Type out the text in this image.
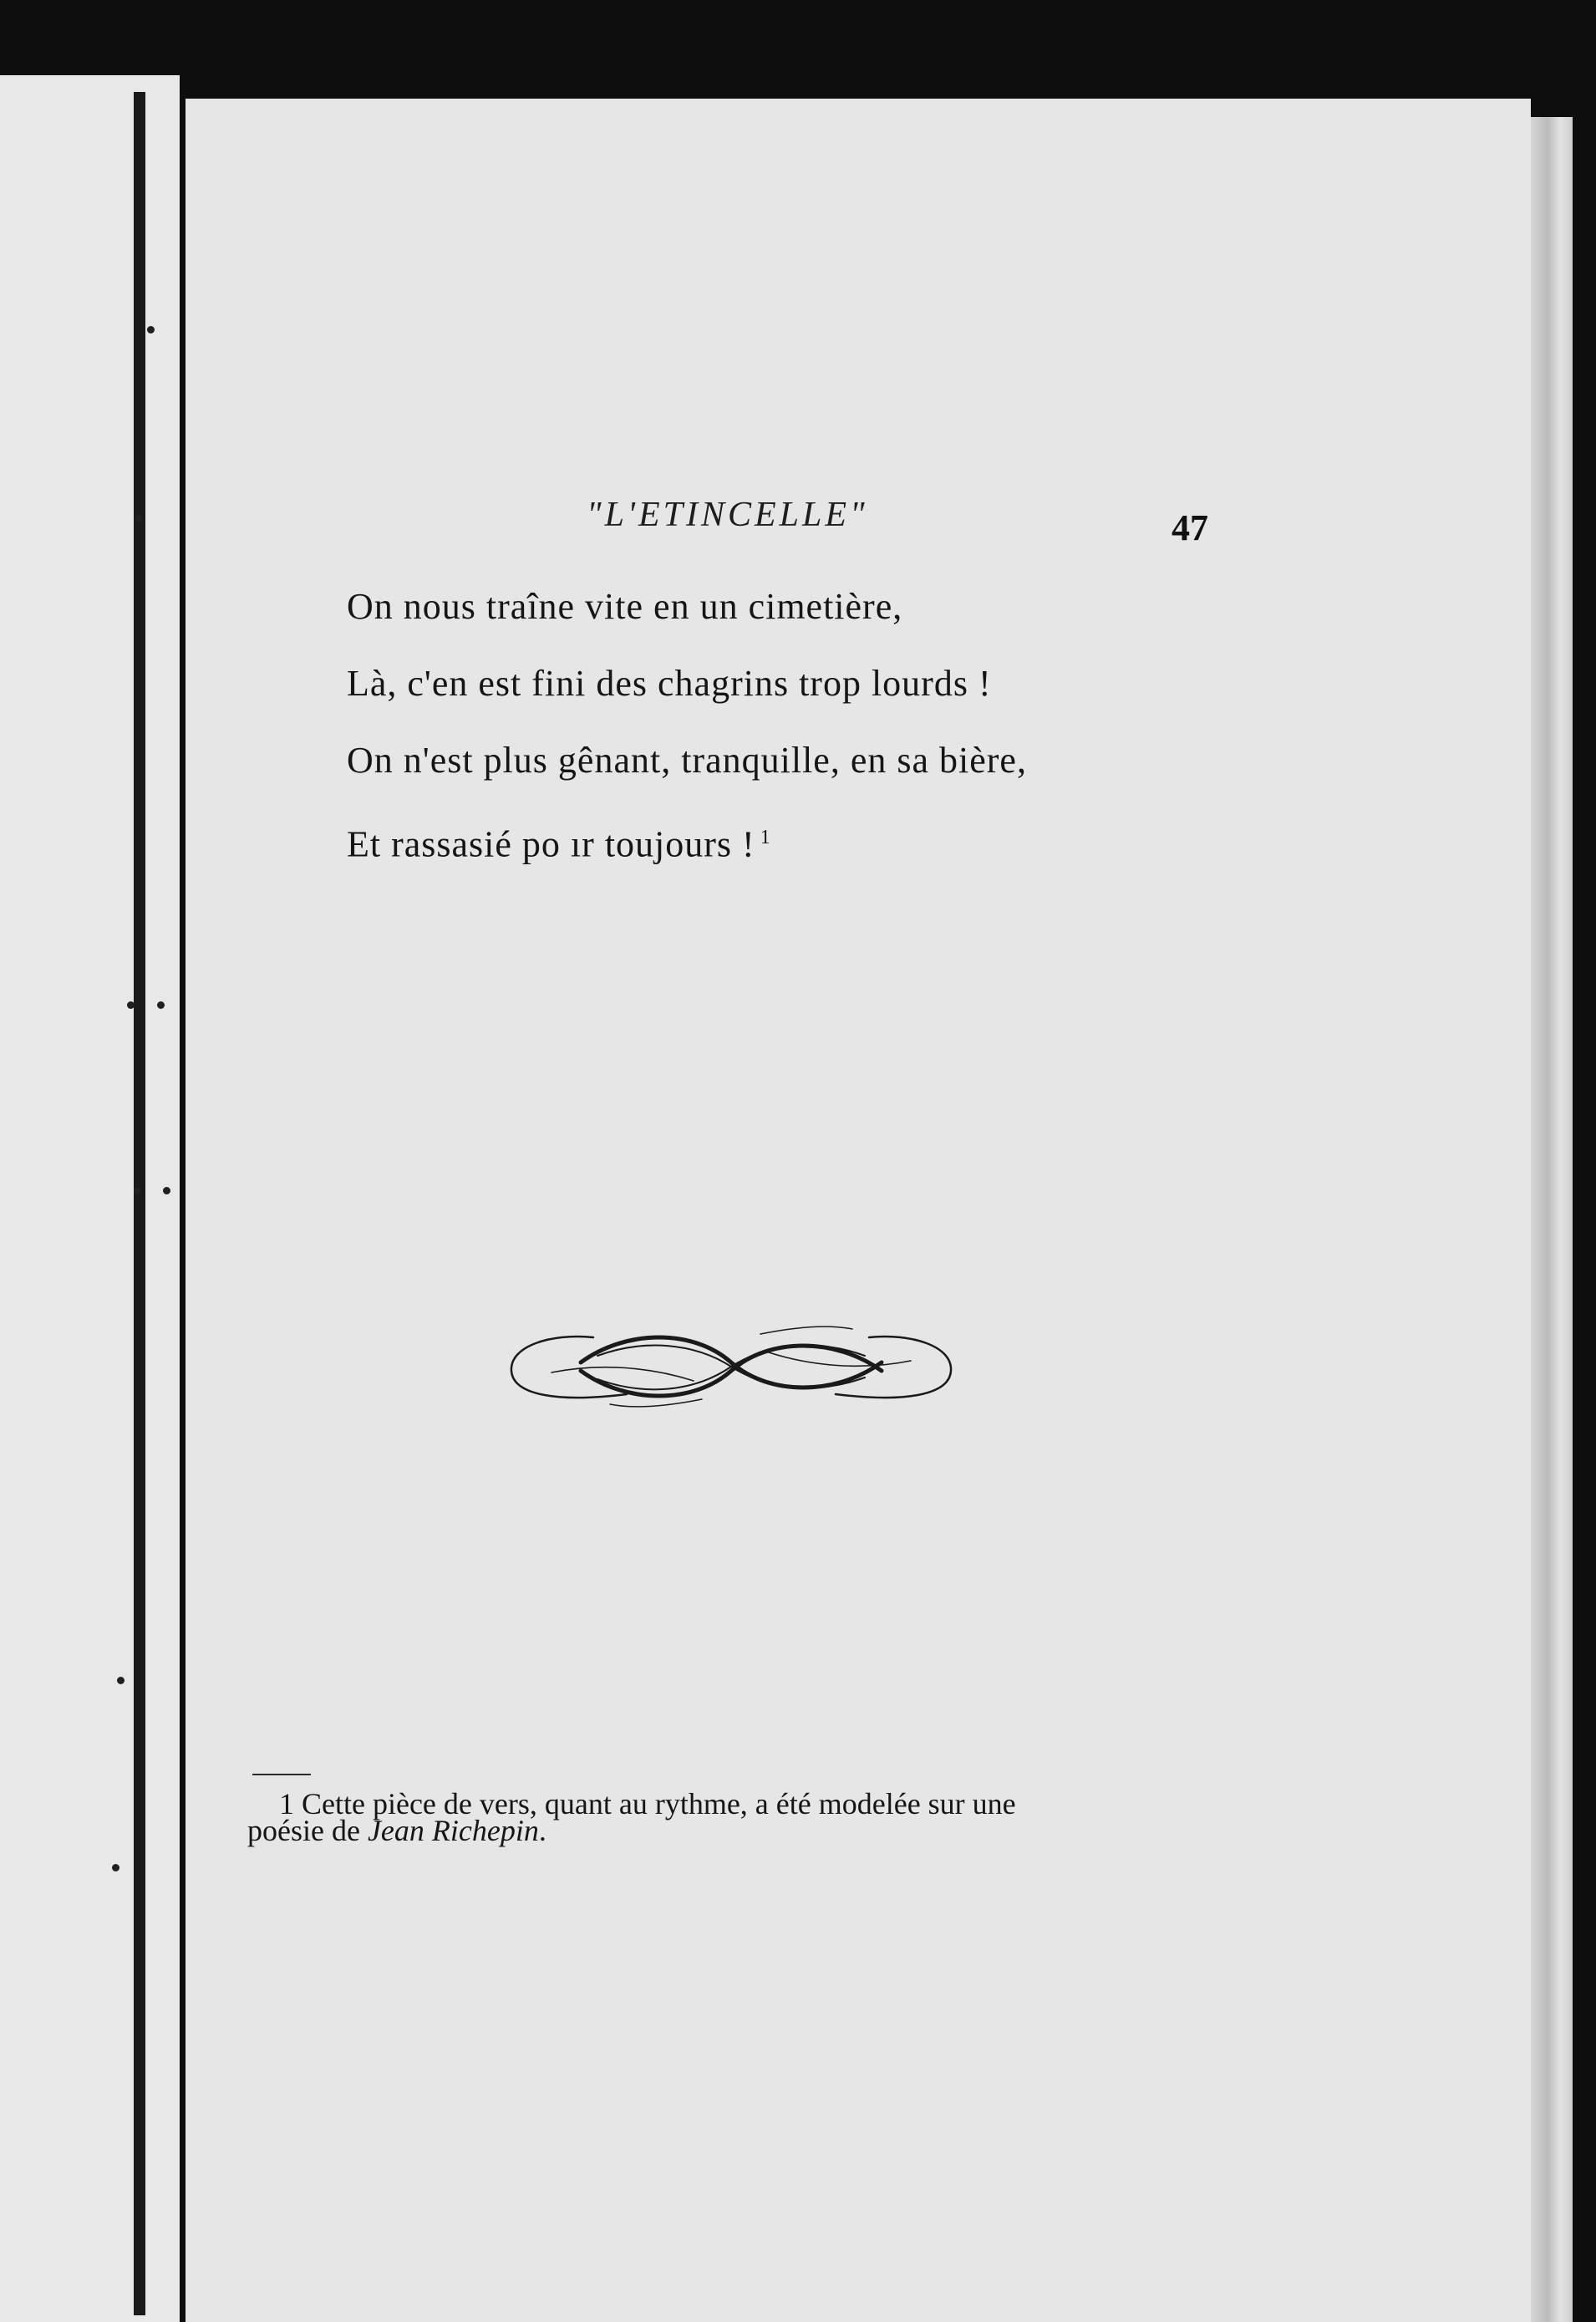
"L'ETINCELLE"	47
On nous traîne vite en un cimetière,
Là, c'en est fini des chagrins trop lourds !
On n'est plus gênant, tranquille, en sa bière,
Et rassasié po ır toujours ! $^1$
1 Cette pièce de vers, quant au rythme, a été modelée sur une
poésie de Jean Richepin.
